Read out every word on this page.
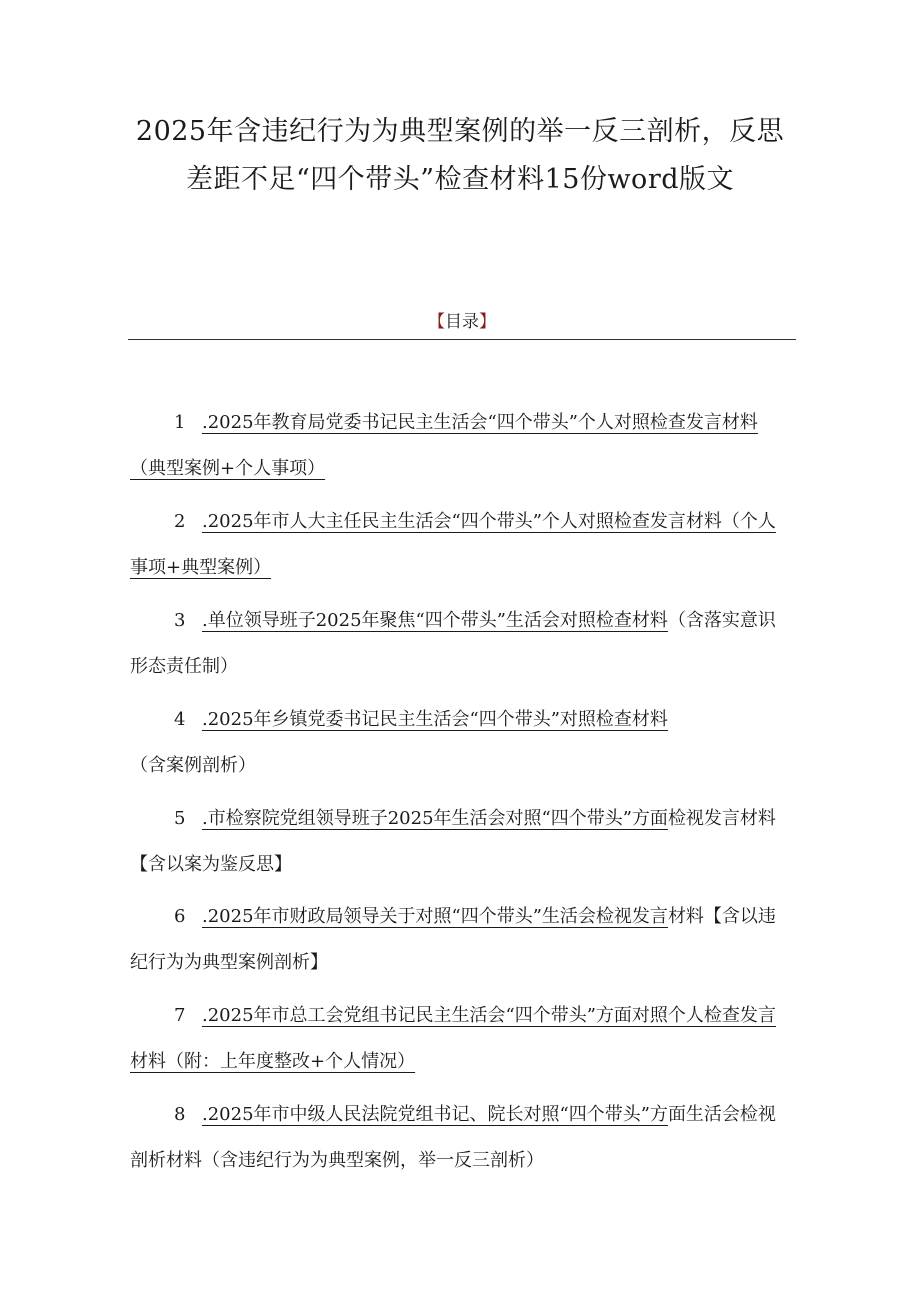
2025年含违纪行为为典型案例的举一反三剖析，反思
差距不足“四个带头”检查材料15份word版文
【目录】
1 .2025年教育局党委书记民主生活会“四个带头”个人对照检查发言材料（典型案例+个人事项）
2 .2025年市人大主任民主生活会“四个带头”个人对照检查发言材料（个人事项+典型案例）
3 .单位领导班子2025年聚焦“四个带头”生活会对照检查材料（含落实意识形态责任制）
4 .2025年乡镇党委书记民主生活会“四个带头”对照检查材料（含案例剖析）
5 .市检察院党组领导班子2025年生活会对照“四个带头”方面检视发言材料【含以案为鉴反思】
6 .2025年市财政局领导关于对照“四个带头”生活会检视发言材料【含以违纪行为为典型案例剖析】
7 .2025年市总工会党组书记民主生活会“四个带头”方面对照个人检查发言材料（附：上年度整改+个人情况）
8 .2025年市中级人民法院党组书记、院长对照“四个带头”方面生活会检视剖析材料（含违纪行为为典型案例，举一反三剖析）
